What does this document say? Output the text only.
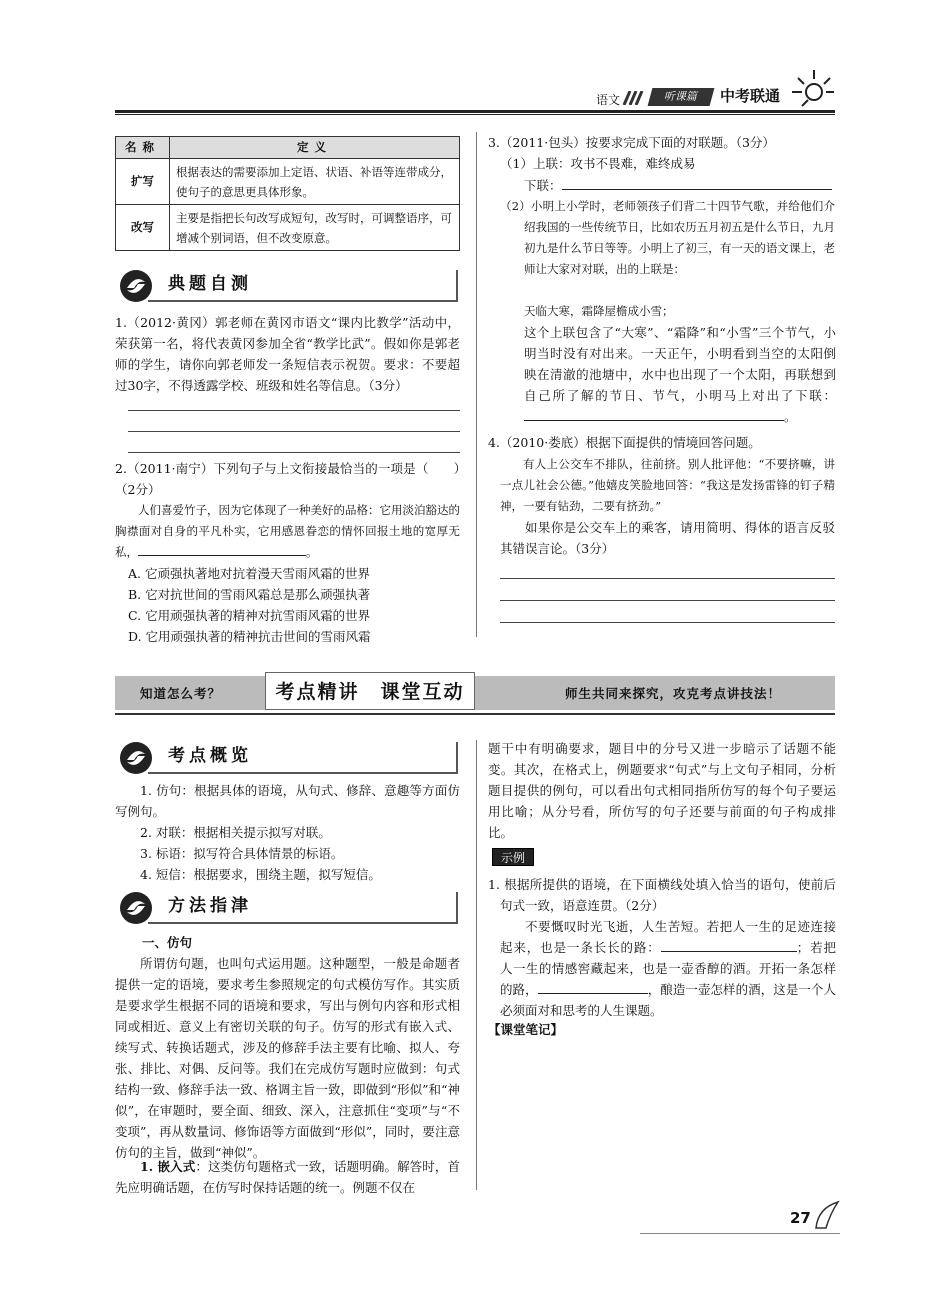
语文	听课篇	中考联通
名称	定义
扩写	根据表达的需要添加上定语、状语、补语等连带成分，使句子的意思更具体形象。
改写	主要是指把长句改写成短句，改写时，可调整语序，可增减个别词语，但不改变原意。
典题自测
1.（2012·黄冈）郭老师在黄冈市语文“课内比教学”活动中，荣获第一名，将代表黄冈参加全省“教学比武”。假如你是郭老师的学生，请你向郭老师发一条短信表示祝贺。要求：不要超过30字，不得透露学校、班级和姓名等信息。（3分）
2.（2011·南宁）下列句子与上文衔接最恰当的一项是（　　）（2分）
人们喜爱竹子，因为它体现了一种美好的品格：它用淡泊豁达的胸襟面对自身的平凡朴实，它用感恩眷恋的情怀回报土地的宽厚无私，	。
A. 它顽强执著地对抗着漫天雪雨风霜的世界
B. 它对抗世间的雪雨风霜总是那么顽强执著
C. 它用顽强执著的精神对抗雪雨风霜的世界
D. 它用顽强执著的精神抗击世间的雪雨风霜
3.（2011·包头）按要求完成下面的对联题。（3分）
（1）上联：攻书不畏难，难终成易
下联：
（2）小明上小学时，老师领孩子们背二十四节气歌，并给他们介绍我国的一些传统节日，比如农历五月初五是什么节日，九月初九是什么节日等等。小明上了初三，有一天的语文课上，老师让大家对对联，出的上联是：
天临大寒，霜降屋檐成小雪；
这个上联包含了“大寒”、“霜降”和“小雪”三个节气，小明当时没有对出来。一天正午，小明看到当空的太阳倒映在清澈的池塘中，水中也出现了一个太阳，再联想到自己所了解的节日、节气，小明马上对出了下联：。
4.（2010·娄底）根据下面提供的情境回答问题。
有人上公交车不排队，往前挤。别人批评他：“不要挤嘛，讲一点儿社会公德。”他嬉皮笑脸地回答：“我这是发扬雷锋的钉子精神，一要有钻劲，二要有挤劲。”
如果你是公交车上的乘客，请用简明、得体的语言反驳其错误言论。（3分）
知道怎么考？	考点精讲　课堂互动	师生共同来探究，攻克考点讲技法！
考点概览
1. 仿句：根据具体的语境，从句式、修辞、意趣等方面仿写例句。
2. 对联：根据相关提示拟写对联。
3. 标语：拟写符合具体情景的标语。
4. 短信：根据要求，围绕主题，拟写短信。
方法指津
一、仿句
所谓仿句题，也叫句式运用题。这种题型，一般是命题者提供一定的语境，要求考生参照规定的句式模仿写作。其实质是要求学生根据不同的语境和要求，写出与例句内容和形式相同或相近、意义上有密切关联的句子。仿写的形式有嵌入式、续写式、转换话题式，涉及的修辞手法主要有比喻、拟人、夸张、排比、对偶、反问等。我们在完成仿写题时应做到：句式结构一致、修辞手法一致、格调主旨一致，即做到“形似”和“神似”，在审题时，要全面、细致、深入，注意抓住“变项”与“不变项”，再从数量词、修饰语等方面做到“形似”，同时，要注意仿句的主旨，做到“神似”。
1. 嵌入式：这类仿句题格式一致，话题明确。解答时，首先应明确话题，在仿写时保持话题的统一。例题不仅在
题干中有明确要求，题目中的分号又进一步暗示了话题不能变。其次，在格式上，例题要求“句式”与上文句子相同，分析题目提供的例句，可以看出句式相同指所仿写的每个句子要运用比喻；从分号看，所仿写的句子还要与前面的句子构成排比。
示例
1. 根据所提供的语境，在下面横线处填入恰当的语句，使前后句式一致，语意连贯。（2分）
不要慨叹时光飞逝，人生苦短。若把人一生的足迹连接起来，也是一条长长的路：	；若把人一生的情感窖藏起来，也是一壶香醇的酒。开拓一条怎样的路，	，酿造一壶怎样的酒，这是一个人必须面对和思考的人生课题。
【课堂笔记】
27
